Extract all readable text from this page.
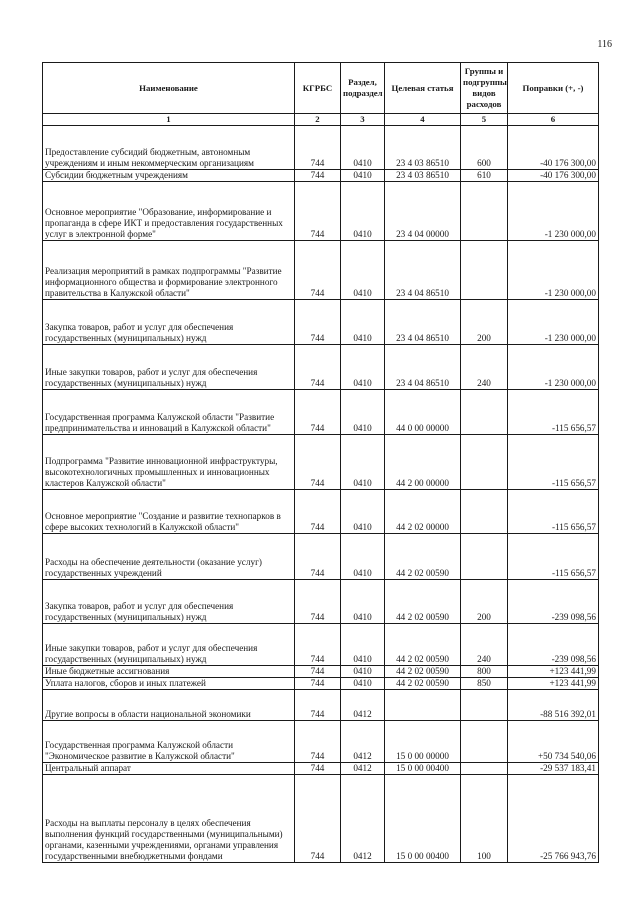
116
Наименование	КГРБС	Раздел, подраздел	Целевая статья	Группы и подгруппы видов расходов	Поправки (+, -)
1	2	3	4	5	6
Предоставление субсидий бюджетным, автономным учреждениям и иным некоммерческим организациям	744	0410	23 4 03 86510	600	-40 176 300,00
Субсидии бюджетным учреждениям	744	0410	23 4 03 86510	610	-40 176 300,00
Основное мероприятие "Образование, информирование и пропаганда в сфере ИКТ и предоставления государственных услуг в электронной форме"	744	0410	23 4 04 00000		-1 230 000,00
Реализация мероприятий в рамках подпрограммы "Развитие информационного общества и формирование электронного правительства в Калужской области"	744	0410	23 4 04 86510		-1 230 000,00
Закупка товаров, работ и услуг для обеспечения государственных (муниципальных) нужд	744	0410	23 4 04 86510	200	-1 230 000,00
Иные закупки товаров, работ и услуг для обеспечения государственных (муниципальных) нужд	744	0410	23 4 04 86510	240	-1 230 000,00
Государственная программа Калужской области "Развитие предпринимательства и инноваций в Калужской области"	744	0410	44 0 00 00000		-115 656,57
Подпрограмма "Развитие инновационной инфраструктуры, высокотехнологичных промышленных и инновационных кластеров Калужской области"	744	0410	44 2 00 00000		-115 656,57
Основное мероприятие "Создание и развитие технопарков в сфере высоких технологий в Калужской области"	744	0410	44 2 02 00000		-115 656,57
Расходы на обеспечение деятельности (оказание услуг) государственных учреждений	744	0410	44 2 02 00590		-115 656,57
Закупка товаров, работ и услуг для обеспечения государственных (муниципальных) нужд	744	0410	44 2 02 00590	200	-239 098,56
Иные закупки товаров, работ и услуг для обеспечения государственных (муниципальных) нужд	744	0410	44 2 02 00590	240	-239 098,56
Иные бюджетные ассигнования	744	0410	44 2 02 00590	800	+123 441,99
Уплата налогов, сборов и иных платежей	744	0410	44 2 02 00590	850	+123 441,99
Другие вопросы в области национальной экономики	744	0412			-88 516 392,01
Государственная программа Калужской области "Экономическое развитие в Калужской области"	744	0412	15 0 00 00000		+50 734 540,06
Центральный аппарат	744	0412	15 0 00 00400		-29 537 183,41
Расходы на выплаты персоналу в целях обеспечения выполнения функций государственными (муниципальными) органами, казенными учреждениями, органами управления государственными внебюджетными фондами	744	0412	15 0 00 00400	100	-25 766 943,76
